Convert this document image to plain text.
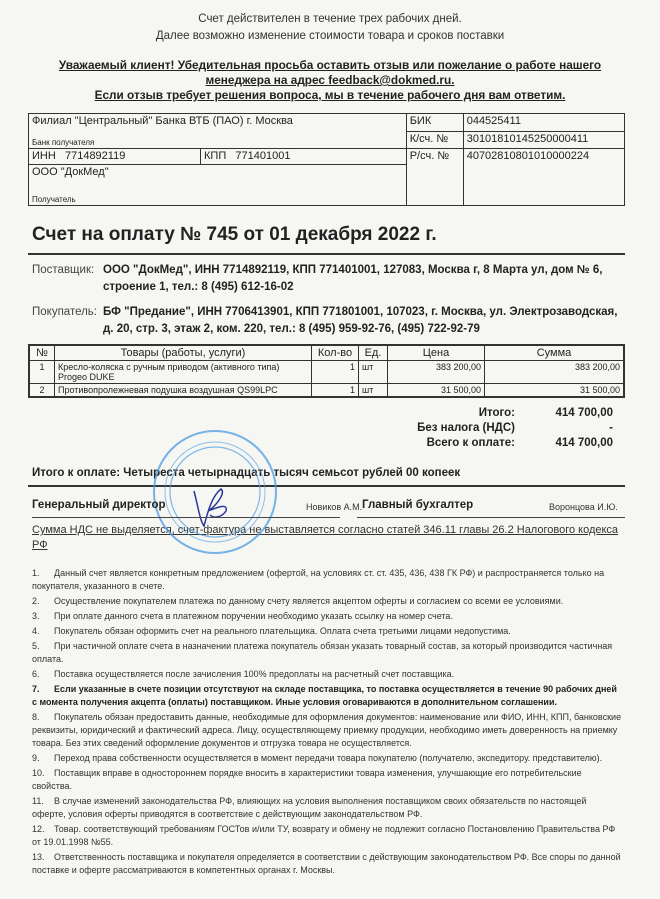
Счет действителен в течение трех рабочих дней.
Далее возможно изменение стоимости товара и сроков поставки
Уважаемый клиент! Убедительная просьба оставить отзыв или пожелание о работе нашего
менеджера на адрес feedback@dokmed.ru.
Если отзыв требует решения вопроса, мы в течение рабочего дня вам ответим.
Филиал "Центральный" Банка ВТБ (ПАО) г. Москва
Банк получателя		БИК	044525411
		К/сч. №	30101810145250000411
ИНН 7714892119	КПП 771401001	Р/сч. №	40702810801010000224
ООО "ДокМед"
Получатель			
Счет на оплату № 745 от 01 декабря 2022 г.
Поставщик: ООО "ДокМед", ИНН 7714892119, КПП 771401001, 127083, Москва г, 8 Марта ул, дом № 6, строение 1, тел.: 8 (495) 612-16-02
Покупатель: БФ "Предание", ИНН 7706413901, КПП 771801001, 107023, г. Москва, ул. Электрозаводская, д. 20, стр. 3, этаж 2, ком. 220, тел.: 8 (495) 959-92-76, (495) 722-92-79
№	Товары (работы, услуги)	Кол-во	Ед.	Цена	Сумма
1	Кресло-коляска с ручным приводом (активного типа) Progeo DUKE	1	шт	383 200,00	383 200,00
2	Противопролежневая подушка воздушная QS99LPC	1	шт	31 500,00	31 500,00
Итого:	414 700,00
Без налога (НДС)	-
Всего к оплате:	414 700,00
Итого к оплате: Четыреста четырнадцать тысяч семьсот рублей 00 копеек
Генеральный директор	Новиков А.М. Главный бухгалтер	Воронцова И.Ю.
Сумма НДС не выделяется, счет-фактура не выставляется согласно статей 346.11 главы 26.2 Налогового кодекса РФ
1. Данный счет является конкретным предложением (офертой, на условиях ст. ст. 435, 436, 438 ГК РФ) и распространяется только на покупателя, указанного в счете.
2. Осуществление покупателем платежа по данному счету является акцептом оферты и согласием со всеми ее условиями.
3. При оплате данного счета в платежном поручении необходимо указать ссылку на номер счета.
4. Покупатель обязан оформить счет на реального плательщика. Оплата счета третьими лицами недопустима.
5. При частичной оплате счета в назначении платежа покупатель обязан указать товарный состав, за который производится частичная оплата.
6. Поставка осуществляется после зачисления 100% предоплаты на расчетный счет поставщика.
7. Если указанные в счете позиции отсутствуют на складе поставщика, то поставка осуществляется в течение 90 рабочих дней с момента получения акцепта (оплаты) поставщиком. Иные условия оговариваются в дополнительном соглашении.
8. Покупатель обязан предоставить данные, необходимые для оформления документов: наименование или ФИО, ИНН, КПП, банковские реквизиты, юридический и фактический адреса. Лицу, осуществляющему приемку продукции, необходимо иметь доверенность на приемку товара. Без этих сведений оформление документов и отгрузка товара не осуществляется.
9. Переход права собственности осуществляется в момент передачи товара покупателю (получателю, экспедитору. представителю).
10. Поставщик вправе в одностороннем порядке вносить в характеристики товара изменения, улучшающие его потребительские свойства.
11. В случае изменений законодательства РФ, влияющих на условия выполнения поставщиком своих обязательств по настоящей оферте, условия оферты приводятся в соответствие с действующим законодательством РФ.
12. Товар. соответствующий требованиям ГОСТов и/или ТУ, возврату и обмену не подлежит согласно Постановлению Правительства РФ от 19.01.1998 №55.
13. Ответственность поставщика и покупателя определяется в соответствии с действующим законодательством РФ. Все споры по данной поставке и оферте рассматриваются в компетентных органах г. Москвы.
